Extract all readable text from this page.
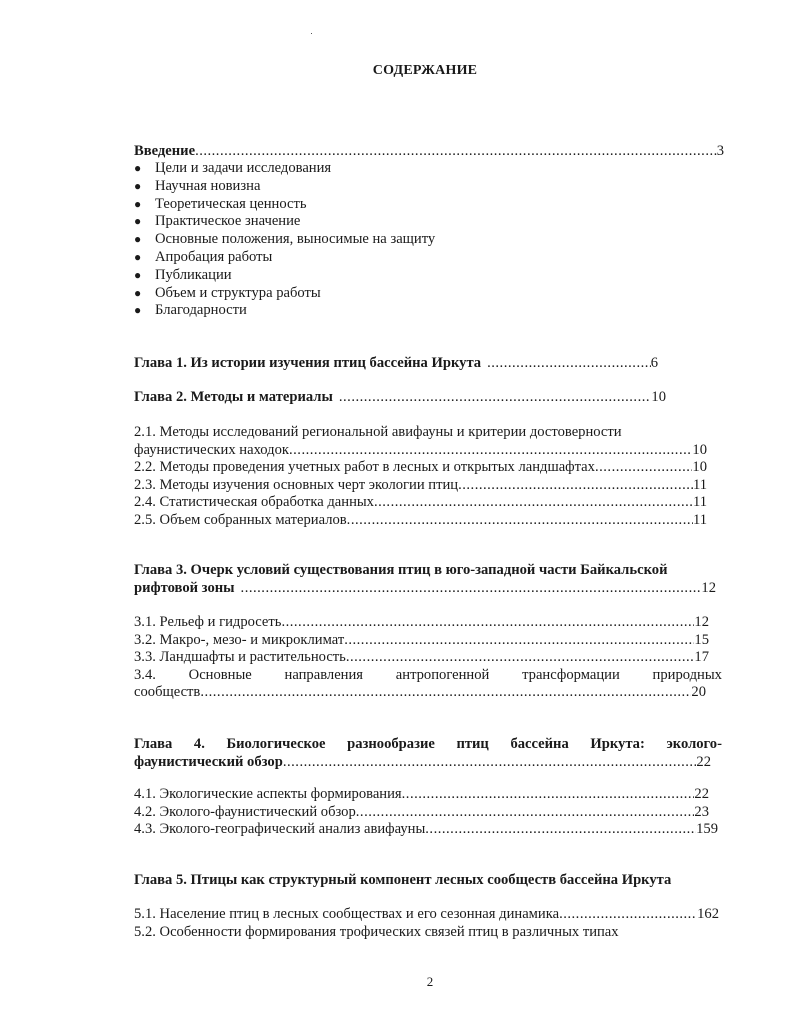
СОДЕРЖАНИЕ
Введение .....	3
● Цели и задачи исследования
● Научная новизна
● Теоретическая ценность
● Практическое значение
● Основные положения, выносимые на защиту
● Апробация работы
● Публикации
● Объем и структура работы
● Благодарности
Глава 1. Из истории изучения птиц бассейна Иркута .....	6
Глава 2. Методы и материалы .....	10
2.1. Методы исследований региональной авифауны и критерии достоверности
фаунистических находок .....	10
2.2. Методы проведения учетных работ в лесных и открытых ландшафтах .....	10
2.3. Методы изучения основных черт экологии птиц .....	11
2.4. Статистическая обработка данных .....	11
2.5. Объем собранных материалов .....	11
Глава 3. Очерк условий существования птиц в юго-западной части Байкальской
рифтовой зоны .....	12
3.1. Рельеф и гидросеть .....	12
3.2. Макро-, мезо- и микроклимат .....	15
3.3. Ландшафты и растительность .....	17
3.4. Основные направления антропогенной трансформации природных
сообществ .....	20
Глава 4. Биологическое разнообразие птиц бассейна Иркута: эколого-
фаунистический обзор .....	22
4.1. Экологические аспекты формирования .....	22
4.2. Эколого-фаунистический обзор .....	23
4.3. Эколого-географический анализ авифауны .....	159
Глава 5. Птицы как структурный компонент лесных сообществ бассейна Иркута
5.1. Население птиц в лесных сообществах и его сезонная динамика .....	162
5.2. Особенности формирования трофических связей птиц в различных типах
2
